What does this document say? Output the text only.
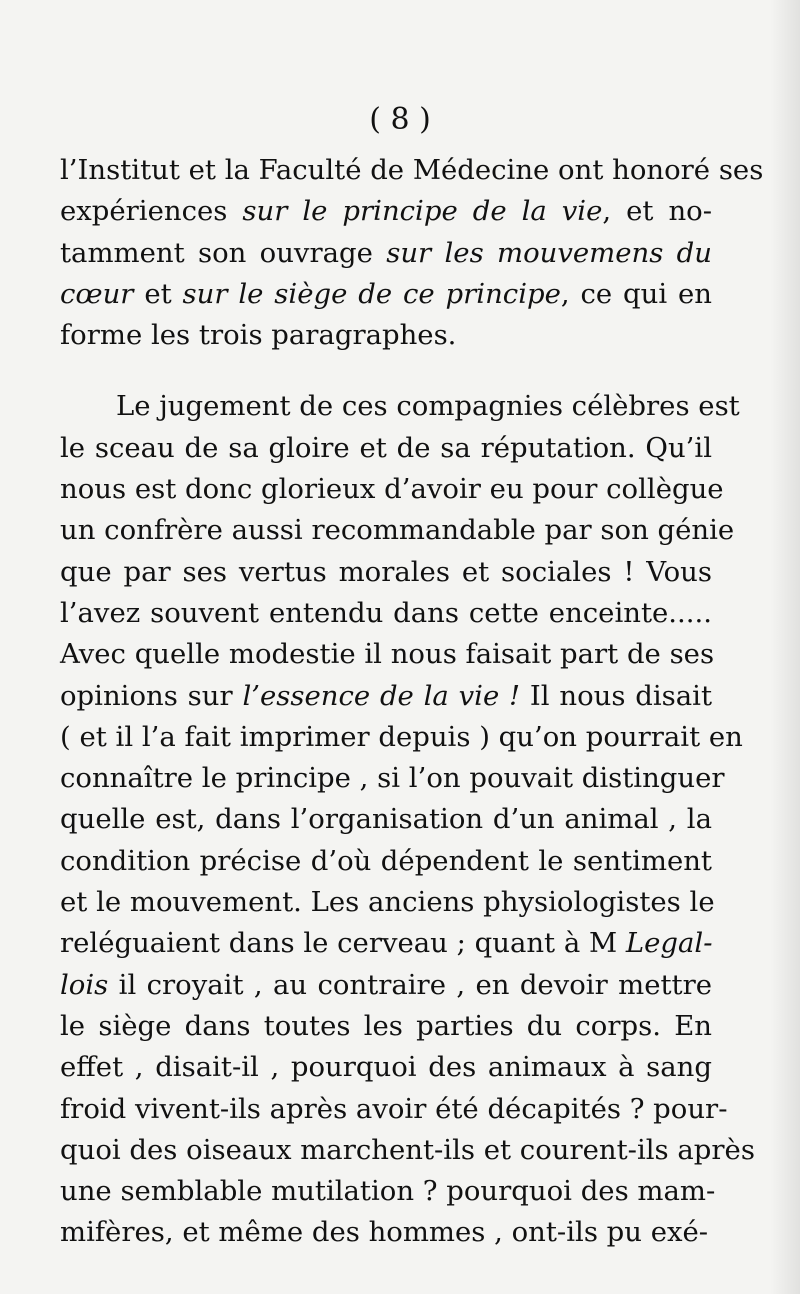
( 8 )
l’Institut et la Faculté de Médecine ont honoré ses
expériences sur le principe de la vie, et no-
tamment son ouvrage sur les mouvemens du
cœur et sur le siège de ce principe, ce qui en
forme les trois paragraphes.
Le jugement de ces compagnies célèbres est
le sceau de sa gloire et de sa réputation. Qu’il
nous est donc glorieux d’avoir eu pour collègue
un confrère aussi recommandable par son génie
que par ses vertus morales et sociales ! Vous
l’avez souvent entendu dans cette enceinte.....
Avec quelle modestie il nous faisait part de ses
opinions sur l’essence de la vie ! Il nous disait
( et il l’a fait imprimer depuis ) qu’on pourrait en
connaître le principe , si l’on pouvait distinguer
quelle est, dans l’organisation d’un animal , la
condition précise d’où dépendent le sentiment
et le mouvement. Les anciens physiologistes le
reléguaient dans le cerveau ; quant à M Legal-
lois il croyait , au contraire , en devoir mettre
le siège dans toutes les parties du corps. En
effet , disait-il , pourquoi des animaux à sang
froid vivent-ils après avoir été décapités ? pour-
quoi des oiseaux marchent-ils et courent-ils après
une semblable mutilation ? pourquoi des mam-
mifères, et même des hommes , ont-ils pu exé-
